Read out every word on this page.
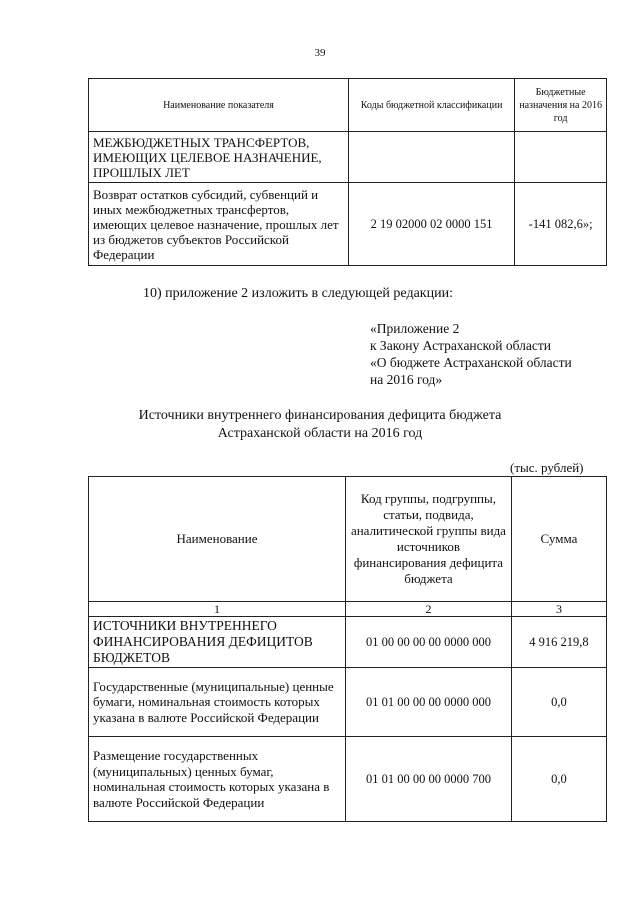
39
Наименование показателя	Коды бюджетной классификации	Бюджетные назначения на 2016 год
МЕЖБЮДЖЕТНЫХ ТРАНСФЕРТОВ, ИМЕЮЩИХ ЦЕЛЕВОЕ НАЗНАЧЕНИЕ, ПРОШЛЫХ ЛЕТ		
Возврат остатков субсидий, субвенций и иных межбюджетных трансфертов, имеющих целевое назначение, прошлых лет из бюджетов субъектов Российской Федерации	2 19 02000 02 0000 151	-141 082,6»;
10) приложение 2 изложить в следующей редакции:
«Приложение 2
к Закону Астраханской области
«О бюджете Астраханской области
на 2016 год»
Источники внутреннего финансирования дефицита бюджета
Астраханской области на 2016 год
(тыс. рублей)
Наименование	Код группы, подгруппы, статьи, подвида, аналитической группы вида источников финансирования дефицита бюджета	Сумма
1	2	3
ИСТОЧНИКИ ВНУТРЕННЕГО ФИНАНСИРОВАНИЯ ДЕФИЦИТОВ БЮДЖЕТОВ	01 00 00 00 00 0000 000	4 916 219,8
Государственные (муниципальные) ценные бумаги, номинальная стоимость которых указана в валюте Российской Федерации	01 01 00 00 00 0000 000	0,0
Размещение государственных (муниципальных) ценных бумаг, номинальная стоимость которых указана в валюте Российской Федерации	01 01 00 00 00 0000 700	0,0
